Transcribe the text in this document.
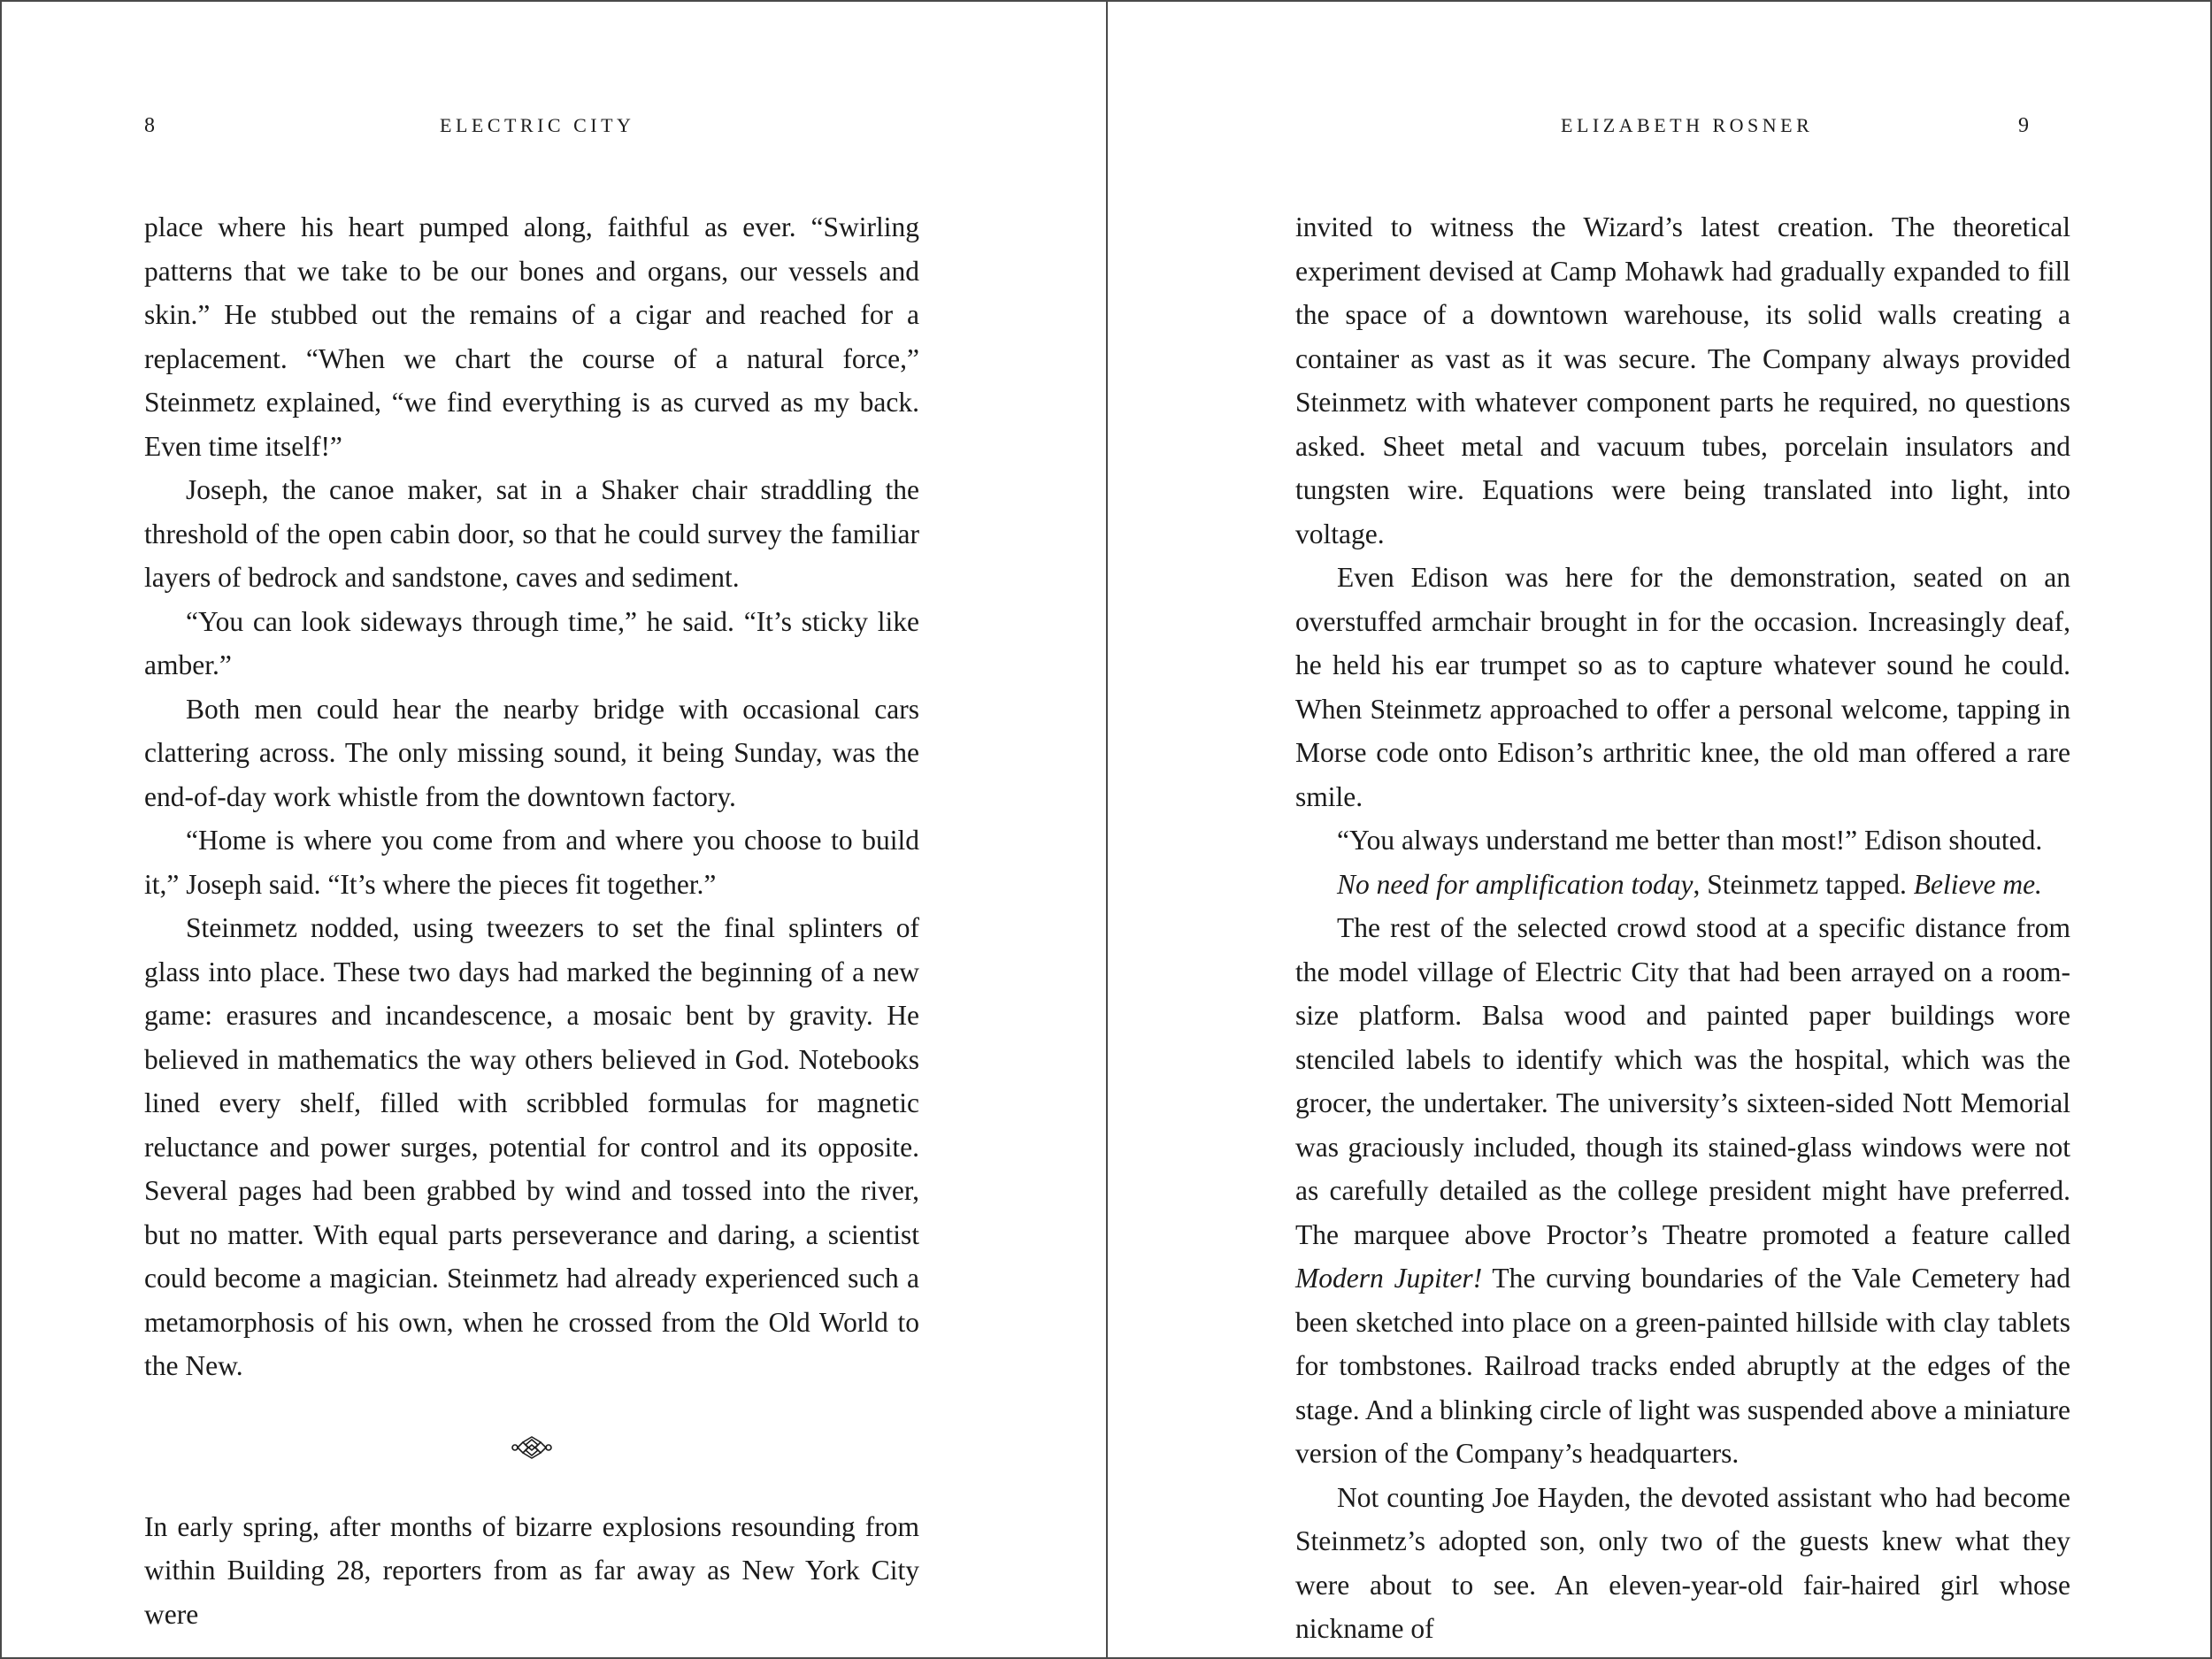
8	ELECTRIC CITY

place where his heart pumped along, faithful as ever. “Swirling patterns that we take to be our bones and organs, our vessels and skin.” He stubbed out the remains of a cigar and reached for a replacement. “When we chart the course of a natural force,” Steinmetz explained, “we find everything is as curved as my back. Even time itself!”

Joseph, the canoe maker, sat in a Shaker chair straddling the threshold of the open cabin door, so that he could survey the familiar layers of bedrock and sandstone, caves and sediment.

“You can look sideways through time,” he said. “It’s sticky like amber.”

Both men could hear the nearby bridge with occasional cars clattering across. The only missing sound, it being Sunday, was the end-of-day work whistle from the downtown factory.

“Home is where you come from and where you choose to build it,” Joseph said. “It’s where the pieces fit together.”

Steinmetz nodded, using tweezers to set the final splinters of glass into place. These two days had marked the beginning of a new game: erasures and incandescence, a mosaic bent by gravity. He believed in mathematics the way others believed in God. Notebooks lined every shelf, filled with scribbled formulas for magnetic reluctance and power surges, potential for control and its opposite. Several pages had been grabbed by wind and tossed into the river, but no matter. With equal parts perseverance and daring, a scientist could become a magician. Steinmetz had already experienced such a metamorphosis of his own, when he crossed from the Old World to the New.

In early spring, after months of bizarre explosions resounding from within Building 28, reporters from as far away as New York City were

ELIZABETH ROSNER	9

invited to witness the Wizard’s latest creation. The theoretical experiment devised at Camp Mohawk had gradually expanded to fill the space of a downtown warehouse, its solid walls creating a container as vast as it was secure. The Company always provided Steinmetz with whatever component parts he required, no questions asked. Sheet metal and vacuum tubes, porcelain insulators and tungsten wire. Equations were being translated into light, into voltage.

Even Edison was here for the demonstration, seated on an overstuffed armchair brought in for the occasion. Increasingly deaf, he held his ear trumpet so as to capture whatever sound he could. When Steinmetz approached to offer a personal welcome, tapping in Morse code onto Edison’s arthritic knee, the old man offered a rare smile.

“You always understand me better than most!” Edison shouted.

No need for amplification today, Steinmetz tapped. Believe me.

The rest of the selected crowd stood at a specific distance from the model village of Electric City that had been arrayed on a room-size platform. Balsa wood and painted paper buildings wore stenciled labels to identify which was the hospital, which was the grocer, the undertaker. The university’s sixteen-sided Nott Memorial was graciously included, though its stained-glass windows were not as carefully detailed as the college president might have preferred. The marquee above Proctor’s Theatre promoted a feature called Modern Jupiter! The curving boundaries of the Vale Cemetery had been sketched into place on a green-painted hillside with clay tablets for tombstones. Railroad tracks ended abruptly at the edges of the stage. And a blinking circle of light was suspended above a miniature version of the Company’s headquarters.

Not counting Joe Hayden, the devoted assistant who had become Steinmetz’s adopted son, only two of the guests knew what they were about to see. An eleven-year-old fair-haired girl whose nickname of
